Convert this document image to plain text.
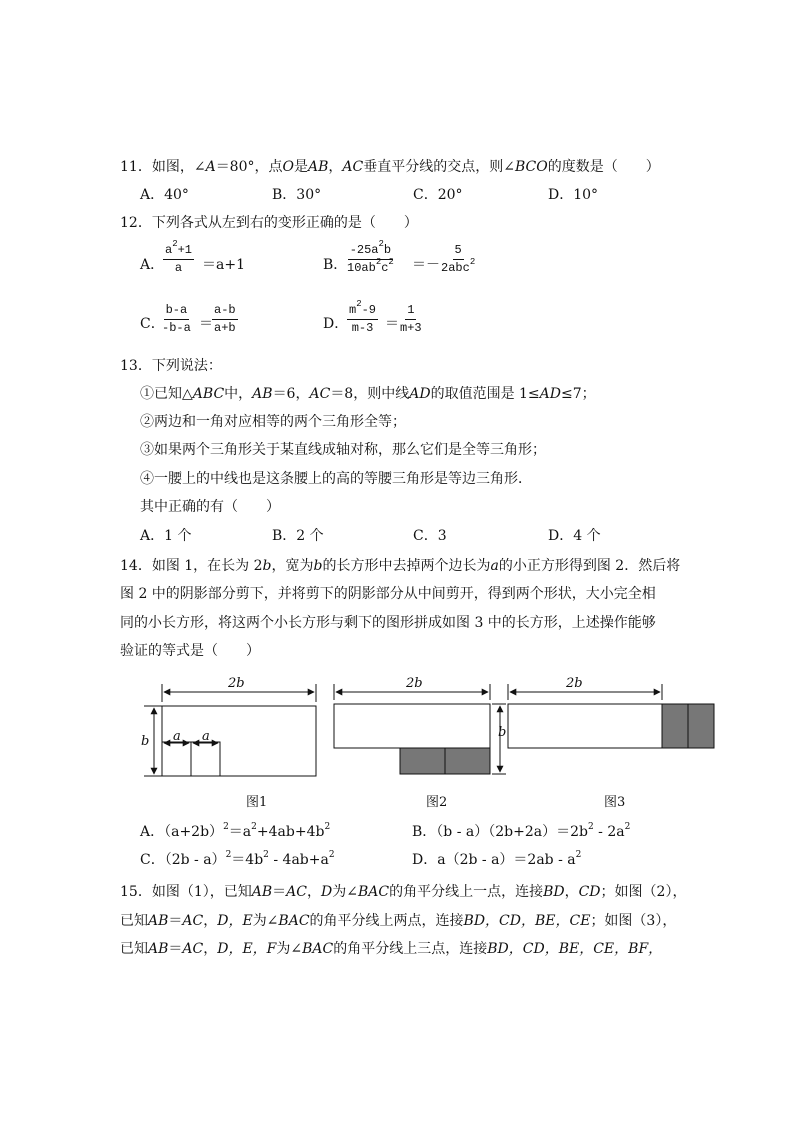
11．如图，∠A＝80°，点O是AB，AC垂直平分线的交点，则∠BCO的度数是（　　）
A．40°	B．30°	C．20°	D．10°
12．下列各式从左到右的变形正确的是（　　）
A．
$\frac{a^2+1}{a} =a+1$	B． $\frac{-25a^2b}{10ab^2c^2}$ ＝－
5
2abc$^2$
C．
$\frac{b-a}{-b-a} = \frac{a-b}{a+b}$	D．
$\frac{m^2-9}{m-3} = \frac{1}{m+3}$
13．下列说法：
①已知△ABC中，AB＝6，AC＝8，则中线AD的取值范围是 1≤AD≤7；
②两边和一角对应相等的两个三角形全等；
③如果两个三角形关于某直线成轴对称，那么它们是全等三角形；
④一腰上的中线也是这条腰上的高的等腰三角形是等边三角形．
其中正确的有（　　）
A．1 个	B．2 个	C．3	D．4 个
14．如图 1，在长为 2b，宽为b的长方形中去掉两个边长为a的小正方形得到图 2．然后将
图 2 中的阴影部分剪下，并将剪下的阴影部分从中间剪开，得到两个形状，大小完全相
同的小长方形，将这两个小长方形与剩下的图形拼成如图 3 中的长方形，上述操作能够
验证的等式是（　　）
2b
b a a
2b
b
2b
图1	图2	图3
A．$(a+2b)^2=a^2+4ab+4b^2$	B．$(b - a)(2b+2a)=2b^2 - 2a^2$
C．$(2b - a)^2=4b^2 - 4ab+a^2$	D．$a(2b - a)=2ab - a^2$
15．如图（1），已知AB＝AC，D为∠BAC的角平分线上一点，连接BD，CD；如图（2），
已知AB＝AC，D，E为∠BAC的角平分线上两点，连接BD，CD，BE，CE；如图（3），
已知AB＝AC，D，E，F为∠BAC的角平分线上三点，连接BD，CD，BE，CE，BF，
